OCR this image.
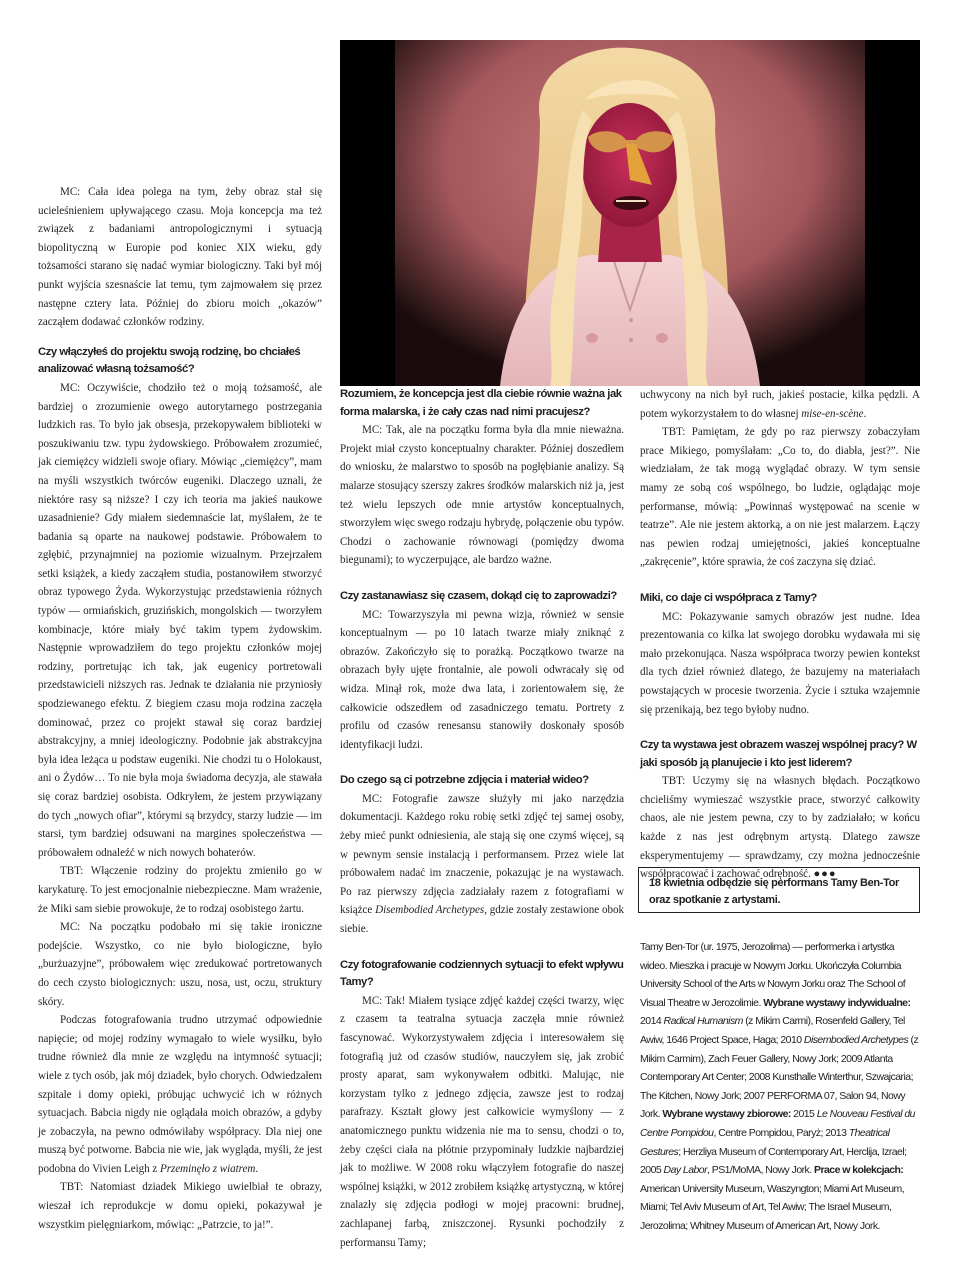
MC: Cała idea polega na tym, żeby obraz stał się ucieleśnieniem upływającego czasu. Moja koncepcja ma też związek z badaniami antropologicznymi i sytuacją biopolityczną w Europie pod koniec XIX wieku, gdy tożsamości starano się nadać wymiar biologiczny. Taki był mój punkt wyjścia szesnaście lat temu, tym zajmowałem się przez następne cztery lata. Później do zbioru moich „okazów” zacząłem dodawać członków rodziny.

Czy włączyłeś do projektu swoją rodzinę, bo chciałeś analizować własną tożsamość?

MC: Oczywiście, chodziło też o moją tożsamość, ale bardziej o zrozumienie owego autorytarnego postrzegania ludzkich ras. To było jak obsesja, przekopywałem biblioteki w poszukiwaniu tzw. typu żydowskiego. Próbowałem zrozumieć, jak ciemiężcy widzieli swoje ofiary. Mówiąc „ciemiężcy”, mam na myśli wszystkich twórców eugeniki. Dlaczego uznali, że niektóre rasy są niższe? I czy ich teoria ma jakieś naukowe uzasadnienie? Gdy miałem siedemnaście lat, myślałem, że te badania są oparte na naukowej podstawie. Próbowałem to zgłębić, przynajmniej na poziomie wizualnym. Przejrzałem setki książek, a kiedy zacząłem studia, postanowiłem stworzyć obraz typowego Żyda. Wykorzystując przedstawienia różnych typów — ormiańskich, gruzińskich, mongolskich — tworzyłem kombinacje, które miały być takim typem żydowskim. Następnie wprowadziłem do tego projektu członków mojej rodziny, portretując ich tak, jak eugenicy portretowali przedstawicieli niższych ras. Jednak te działania nie przyniosły spodziewanego efektu. Z biegiem czasu moja rodzina zaczęła dominować, przez co projekt stawał się coraz bardziej abstrakcyjny, a mniej ideologiczny. Podobnie jak abstrakcyjna była idea leżąca u podstaw eugeniki. Nie chodzi tu o Holokaust, ani o Żydów… To nie była moja świadoma decyzja, ale stawała się coraz bardziej osobista. Odkryłem, że jestem przywiązany do tych „nowych ofiar”, którymi są brzydcy, starzy ludzie — im starsi, tym bardziej odsuwani na margines społeczeństwa — próbowałem odnaleźć w nich nowych bohaterów.

TBT: Włączenie rodziny do projektu zmieniło go w karykaturę. To jest emocjonalnie niebezpieczne. Mam wrażenie, że Miki sam siebie prowokuje, że to rodzaj osobistego żartu.

MC: Na początku podobało mi się takie ironiczne podejście. Wszystko, co nie było biologiczne, było „burżuazyjne”, próbowałem więc zredukować portretowanych do cech czysto biologicznych: uszu, nosa, ust, oczu, struktury skóry.

Podczas fotografowania trudno utrzymać odpowiednie napięcie; od mojej rodziny wymagało to wiele wysiłku, było trudne również dla mnie ze względu na intymność sytuacji; wiele z tych osób, jak mój dziadek, było chorych. Odwiedzałem szpitale i domy opieki, próbując uchwycić ich w różnych sytuacjach. Babcia nigdy nie oglądała moich obrazów, a gdyby je zobaczyła, na pewno odmówiłaby współpracy. Dla niej one muszą być potworne. Babcia nie wie, jak wygląda, myśli, że jest podobna do Vivien Leigh z Przeminęło z wiatrem.

TBT: Natomiast dziadek Mikiego uwielbiał te obrazy, wieszał ich reprodukcje w domu opieki, pokazywał je wszystkim pielęgniarkom, mówiąc: „Patrzcie, to ja!”.

Rozumiem, że koncepcja jest dla ciebie równie ważna jak forma malarska, i że cały czas nad nimi pracujesz?

MC: Tak, ale na początku forma była dla mnie nieważna. Projekt miał czysto konceptualny charakter. Później doszedłem do wniosku, że malarstwo to sposób na pogłębianie analizy. Są malarze stosujący szerszy zakres środków malarskich niż ja, jest też wielu lepszych ode mnie artystów konceptualnych, stworzyłem więc swego rodzaju hybrydę, połączenie obu typów. Chodzi o zachowanie równowagi (pomiędzy dwoma biegunami); to wyczerpujące, ale bardzo ważne.

Czy zastanawiasz się czasem, dokąd cię to zaprowadzi?

MC: Towarzyszyła mi pewna wizja, również w sensie konceptualnym — po 10 latach twarze miały zniknąć z obrazów. Zakończyło się to porażką. Początkowo twarze na obrazach były ujęte frontalnie, ale powoli odwracały się od widza. Minął rok, może dwa lata, i zorientowałem się, że całkowicie odszedłem od zasadniczego tematu. Portrety z profilu od czasów renesansu stanowiły doskonały sposób identyfikacji ludzi.

Do czego są ci potrzebne zdjęcia i materiał wideo?

MC: Fotografie zawsze służyły mi jako narzędzia dokumentacji. Każdego roku robię setki zdjęć tej samej osoby, żeby mieć punkt odniesienia, ale stają się one czymś więcej, są w pewnym sensie instalacją i performansem. Przez wiele lat próbowałem nadać im znaczenie, pokazując je na wystawach. Po raz pierwszy zdjęcia zadziałały razem z fotografiami w książce Disembodied Archetypes, gdzie zostały zestawione obok siebie.

Czy fotografowanie codziennych sytuacji to efekt wpływu Tamy?

MC: Tak! Miałem tysiące zdjęć każdej części twarzy, więc z czasem ta teatralna sytuacja zaczęła mnie również fascynować. Wykorzystywałem zdjęcia i interesowałem się fotografią już od czasów studiów, nauczyłem się, jak zrobić prosty aparat, sam wykonywałem odbitki. Malując, nie korzystam tylko z jednego zdjęcia, zawsze jest to rodzaj parafrazy. Kształt głowy jest całkowicie wymyślony — z anatomicznego punktu widzenia nie ma to sensu, chodzi o to, żeby części ciała na płótnie przypominały ludzkie najbardziej jak to możliwe. W 2008 roku włączyłem fotografie do naszej wspólnej książki, w 2012 zrobiłem książkę artystyczną, w której znalazły się zdjęcia podłogi w mojej pracowni: brudnej, zachlapanej farbą, zniszczonej. Rysunki pochodziły z performansu Tamy;

uchwycony na nich był ruch, jakieś postacie, kilka pędzli. A potem wykorzystałem to do własnej mise-en-scène.

TBT: Pamiętam, że gdy po raz pierwszy zobaczyłam prace Mikiego, pomyślałam: „Co to, do diabła, jest?”. Nie wiedziałam, że tak mogą wyglądać obrazy. W tym sensie mamy ze sobą coś wspólnego, bo ludzie, oglądając moje performanse, mówią: „Powinnaś występować na scenie w teatrze”. Ale nie jestem aktorką, a on nie jest malarzem. Łączy nas pewien rodzaj umiejętności, jakieś konceptualne „zakręcenie”, które sprawia, że coś zaczyna się dziać.

Miki, co daje ci współpraca z Tamy?

MC: Pokazywanie samych obrazów jest nudne. Idea prezentowania co kilka lat swojego dorobku wydawała mi się mało przekonująca. Nasza współpraca tworzy pewien kontekst dla tych dzieł również dlatego, że bazujemy na materiałach powstających w procesie tworzenia. Życie i sztuka wzajemnie się przenikają, bez tego byłoby nudno.

Czy ta wystawa jest obrazem waszej wspólnej pracy? W jaki sposób ją planujecie i kto jest liderem?

TBT: Uczymy się na własnych błędach. Początkowo chcieliśmy wymieszać wszystkie prace, stworzyć całkowity chaos, ale nie jestem pewna, czy to by zadziałało; w końcu każde z nas jest odrębnym artystą. Dlatego zawsze eksperymentujemy — sprawdzamy, czy można jednocześnie współpracować i zachować odrębność. ●●●

18 kwietnia odbędzie się performans Tamy Ben-Tor oraz spotkanie z artystami.

Tamy Ben-Tor (ur. 1975, Jerozolima) — performerka i artystka wideo. Mieszka i pracuje w Nowym Jorku. Ukończyła Columbia University School of the Arts w Nowym Jorku oraz The School of Visual Theatre w Jerozolimie. Wybrane wystawy indywidualne: 2014 Radical Humanism (z Mikim Carmi), Rosenfeld Gallery, Tel Awiw, 1646 Project Space, Haga; 2010 Disembodied Archetypes (z Mikim Carmim), Zach Feuer Gallery, Nowy Jork; 2009 Atlanta Contemporary Art Center; 2008 Kunsthalle Winterthur, Szwajcaria; The Kitchen, Nowy Jork; 2007 PERFORMA 07, Salon 94, Nowy Jork. Wybrane wystawy zbiorowe: 2015 Le Nouveau Festival du Centre Pompidou, Centre Pompidou, Paryż; 2013 Theatrical Gestures; Herzliya Museum of Contemporary Art, Herclija, Izrael; 2005 Day Labor, PS1/MoMA, Nowy Jork. Prace w kolekcjach: American University Museum, Waszyngton; Miami Art Museum, Miami; Tel Aviv Museum of Art, Tel Awiw; The Israel Museum, Jerozolima; Whitney Museum of American Art, Nowy Jork.
